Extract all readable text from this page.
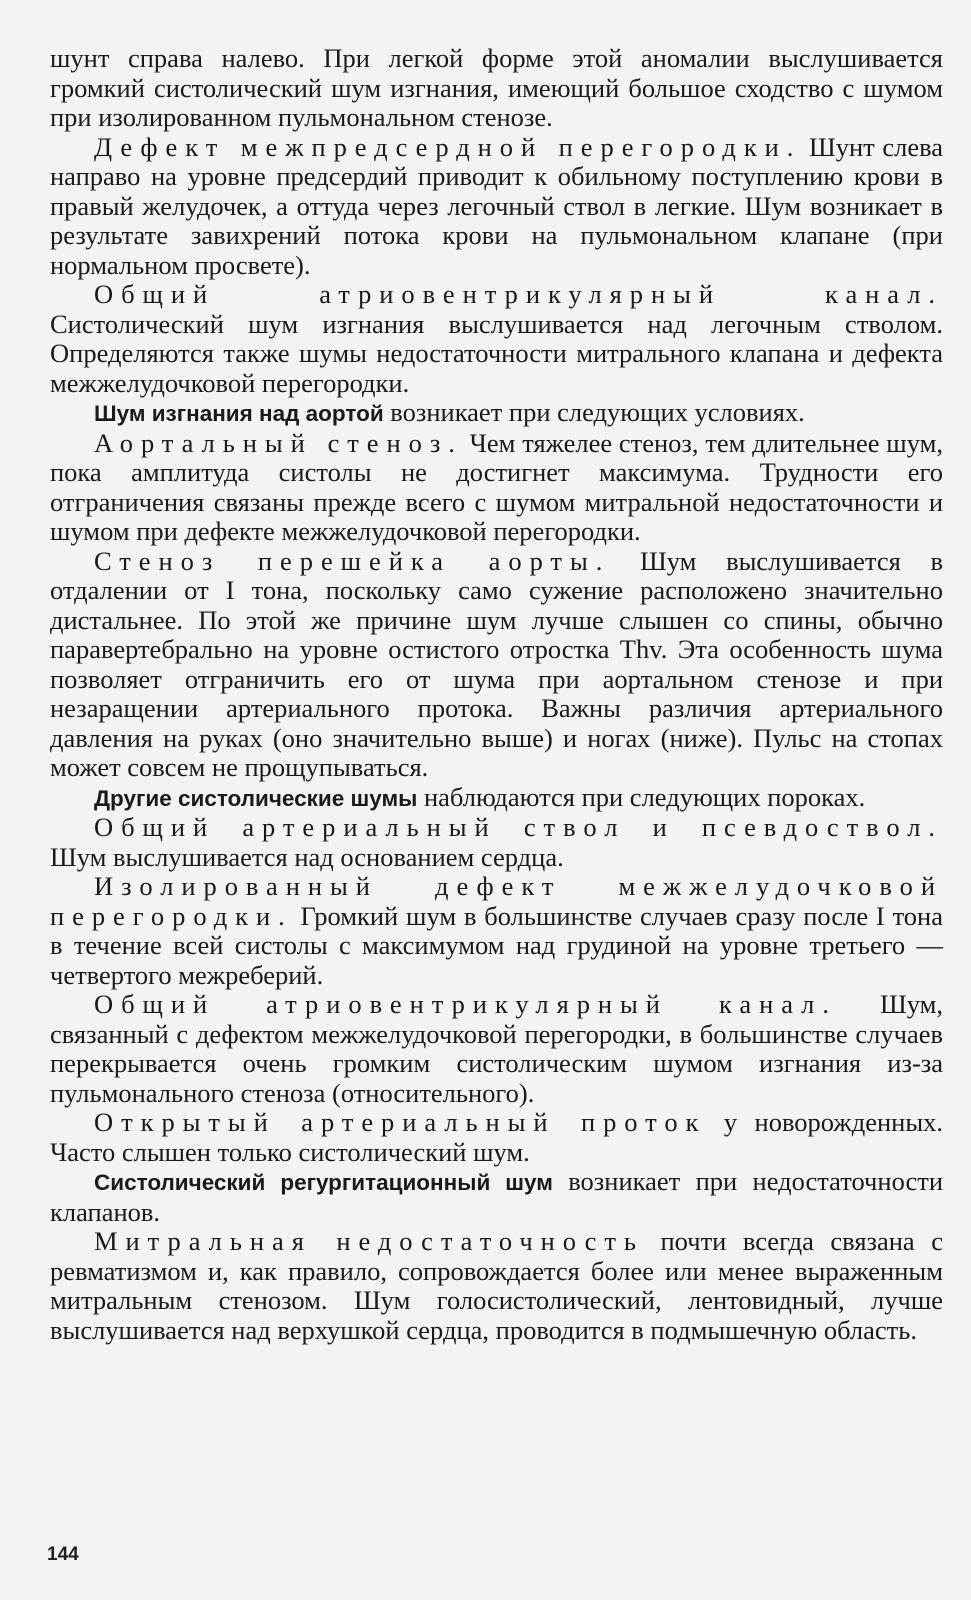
шунт справа налево. При легкой форме этой аномалии выслушивается громкий систолический шум изгнания, имеющий большое сходство с шумом при изолированном пульмональном стенозе.

Дефект межпредсердной перегородки. Шунт слева направо на уровне предсердий приводит к обильному поступлению крови в правый желудочек, а оттуда через легочный ствол в легкие. Шум возникает в результате завихрений потока крови на пульмональном клапане (при нормальном просвете).

Общий атриовентрикулярный канал. Систолический шум изгнания выслушивается над легочным стволом. Определяются также шумы недостаточности митрального клапана и дефекта межжелудочковой перегородки.

Шум изгнания над аортой возникает при следующих условиях.

Аортальный стеноз. Чем тяжелее стеноз, тем длительнее шум, пока амплитуда систолы не достигнет максимума. Трудности его отграничения связаны прежде всего с шумом митральной недостаточности и шумом при дефекте межжелудочковой перегородки.

Стеноз перешейка аорты. Шум выслушивается в отдалении от I тона, поскольку само сужение расположено значительно дистальнее. По этой же причине шум лучше слышен со спины, обычно паравертебрально на уровне остистого отростка Thv. Эта особенность шума позволяет отграничить его от шума при аортальном стенозе и при незаращении артериального протока. Важны различия артериального давления на руках (оно значительно выше) и ногах (ниже). Пульс на стопах может совсем не прощупываться.

Другие систолические шумы наблюдаются при следующих пороках.

Общий артериальный ствол и псевдоствол. Шум выслушивается над основанием сердца.

Изолированный дефект межжелудочковой перегородки. Громкий шум в большинстве случаев сразу после I тона в течение всей систолы с максимумом над грудиной на уровне третьего — четвертого межреберий.

Общий атриовентрикулярный канал. Шум, связанный с дефектом межжелудочковой перегородки, в большинстве случаев перекрывается очень громким систолическим шумом изгнания из-за пульмонального стеноза (относительного).

Открытый артериальный проток у новорожденных. Часто слышен только систолический шум.

Систолический регургитационный шум возникает при недостаточности клапанов.

Митральная недостаточность почти всегда связана с ревматизмом и, как правило, сопровождается более или менее выраженным митральным стенозом. Шум голосистолический, лентовидный, лучше выслушивается над верхушкой сердца, проводится в подмышечную область.

144
